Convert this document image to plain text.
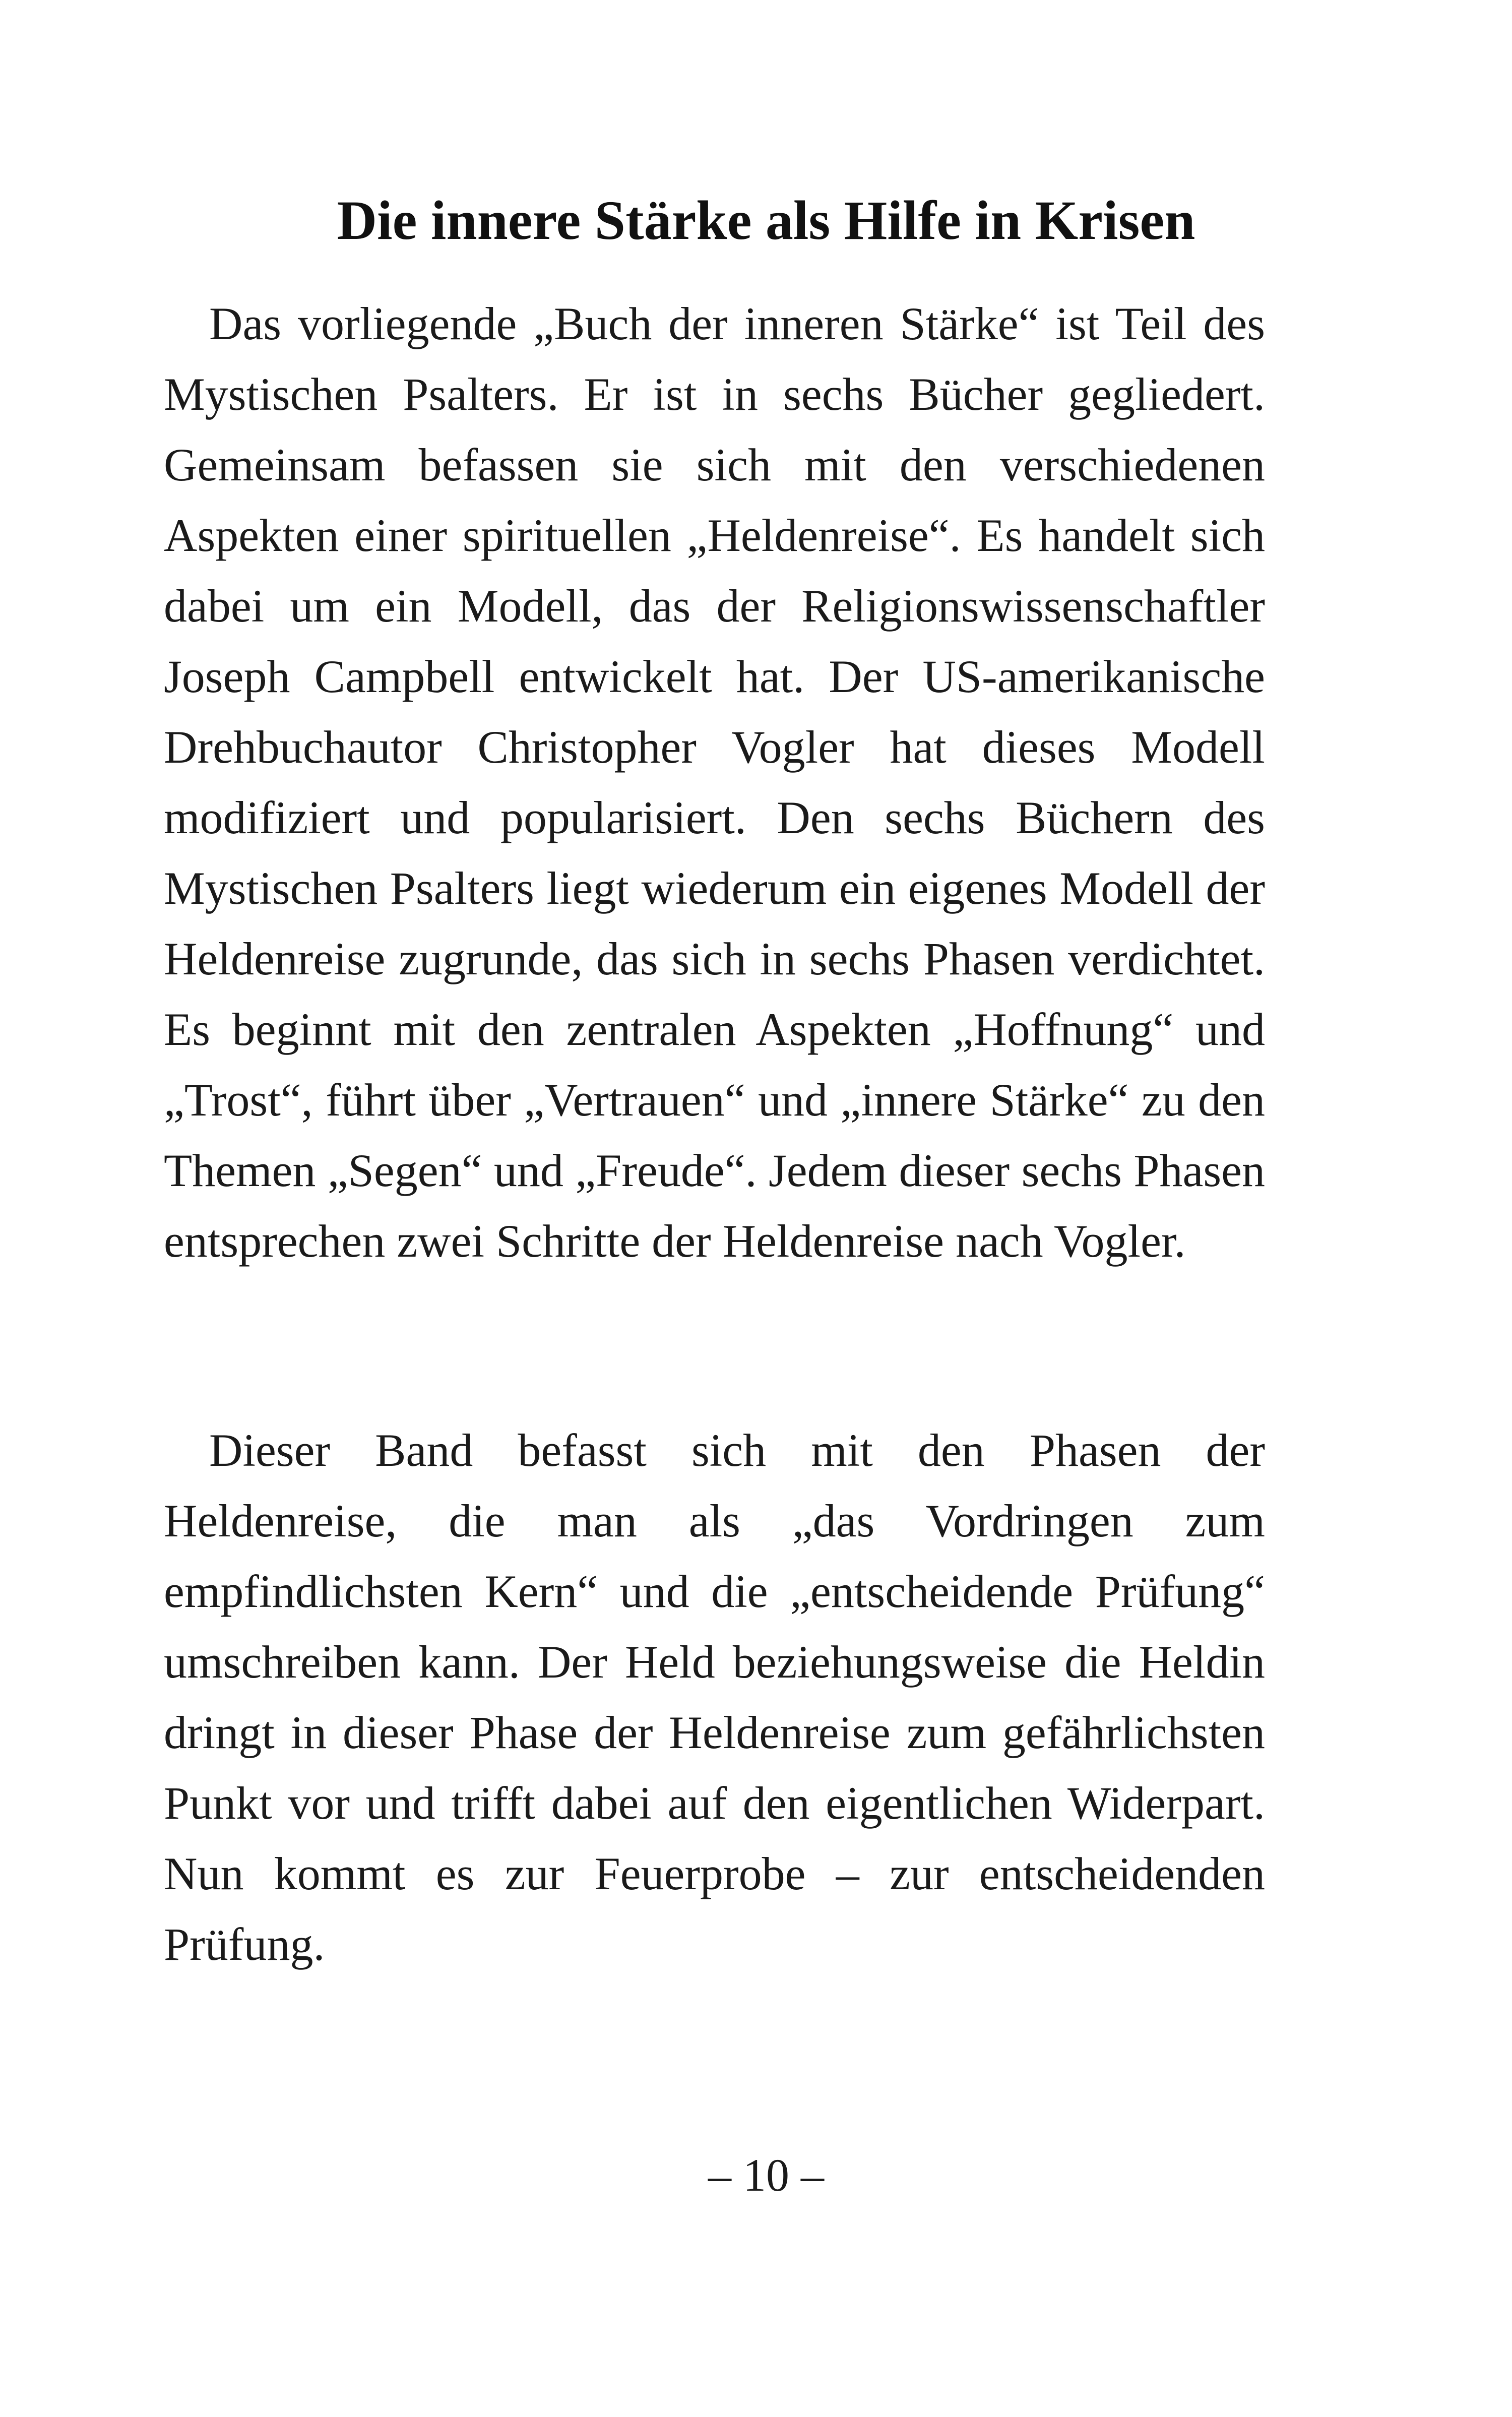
Die innere Stärke als Hilfe in Krisen

Das vorliegende „Buch der inneren Stärke“ ist Teil des Mystischen Psalters. Er ist in sechs Bücher gegliedert. Gemeinsam befassen sie sich mit den verschiedenen Aspekten einer spirituellen „Heldenreise“. Es handelt sich dabei um ein Modell, das der Religionswissenschaftler Joseph Campbell entwickelt hat. Der US-amerikanische Drehbuchautor Christopher Vogler hat dieses Modell modifiziert und popularisiert. Den sechs Büchern des Mystischen Psalters liegt wiederum ein eigenes Modell der Heldenreise zugrunde, das sich in sechs Phasen verdichtet. Es beginnt mit den zentralen Aspekten „Hoffnung“ und „Trost“, führt über „Vertrauen“ und „innere Stärke“ zu den Themen „Segen“ und „Freude“. Jedem dieser sechs Phasen entsprechen zwei Schritte der Heldenreise nach Vogler.

Dieser Band befasst sich mit den Phasen der Heldenreise, die man als „das Vordringen zum empfindlichsten Kern“ und die „entscheidende Prüfung“ umschreiben kann. Der Held beziehungsweise die Heldin dringt in dieser Phase der Heldenreise zum gefährlichsten Punkt vor und trifft dabei auf den eigentlichen Widerpart. Nun kommt es zur Feuerprobe – zur entscheidenden Prüfung.

– 10 –
